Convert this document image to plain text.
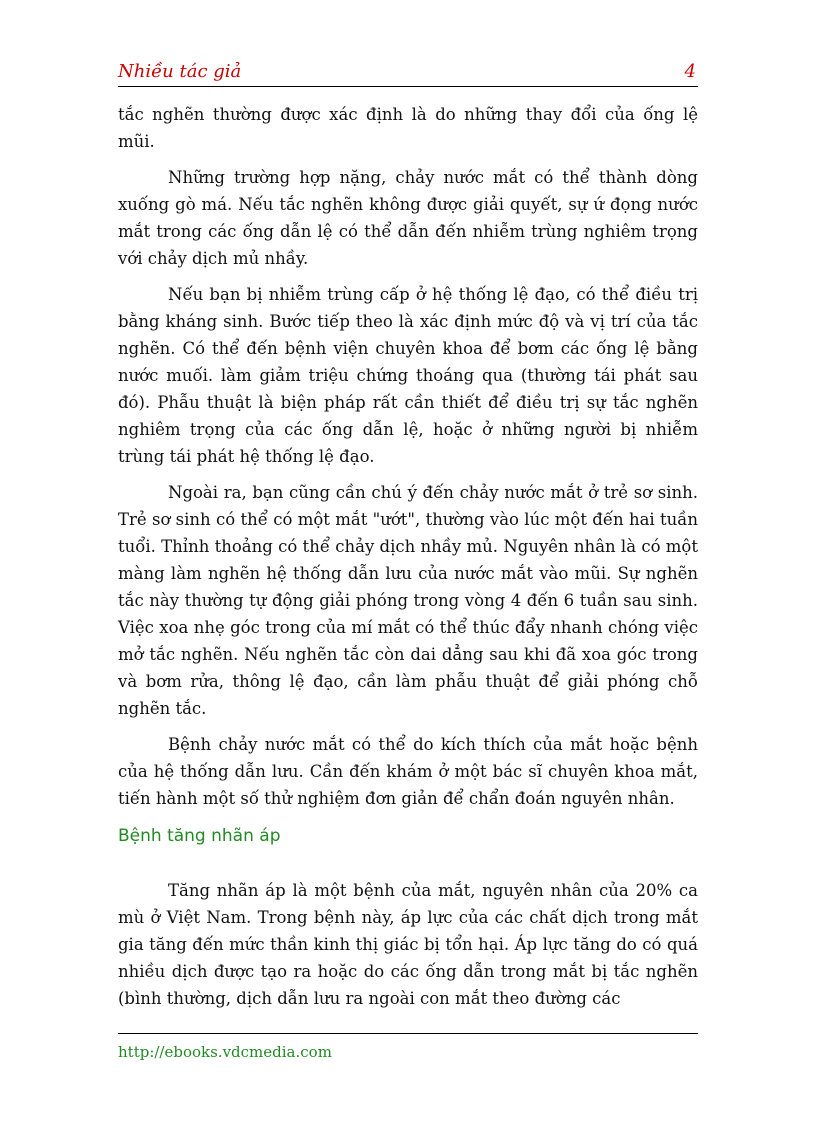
Nhiều tác giả	4

tắc nghẽn thường được xác định là do những thay đổi của ống lệ mũi.

Những trường hợp nặng, chảy nước mắt có thể thành dòng xuống gò má. Nếu tắc nghẽn không được giải quyết, sự ứ đọng nước mắt trong các ống dẫn lệ có thể dẫn đến nhiễm trùng nghiêm trọng với chảy dịch mủ nhầy.

Nếu bạn bị nhiễm trùng cấp ở hệ thống lệ đạo, có thể điều trị bằng kháng sinh. Bước tiếp theo là xác định mức độ và vị trí của tắc nghẽn. Có thể đến bệnh viện chuyên khoa để bơm các ống lệ bằng nước muối. làm giảm triệu chứng thoáng qua (thường tái phát sau đó). Phẫu thuật là biện pháp rất cần thiết để điều trị sự tắc nghẽn nghiêm trọng của các ống dẫn lệ, hoặc ở những người bị nhiễm trùng tái phát hệ thống lệ đạo.

Ngoài ra, bạn cũng cần chú ý đến chảy nước mắt ở trẻ sơ sinh. Trẻ sơ sinh có thể có một mắt "ướt", thường vào lúc một đến hai tuần tuổi. Thỉnh thoảng có thể chảy dịch nhầy mủ. Nguyên nhân là có một màng làm nghẽn hệ thống dẫn lưu của nước mắt vào mũi. Sự nghẽn tắc này thường tự động giải phóng trong vòng 4 đến 6 tuần sau sinh. Việc xoa nhẹ góc trong của mí mắt có thể thúc đẩy nhanh chóng việc mở tắc nghẽn. Nếu nghẽn tắc còn dai dẳng sau khi đã xoa góc trong và bơm rửa, thông lệ đạo, cần làm phẫu thuật để giải phóng chỗ nghẽn tắc.

Bệnh chảy nước mắt có thể do kích thích của mắt hoặc bệnh của hệ thống dẫn lưu. Cần đến khám ở một bác sĩ chuyên khoa mắt, tiến hành một số thử nghiệm đơn giản để chẩn đoán nguyên nhân.

Bệnh tăng nhãn áp

Tăng nhãn áp là một bệnh của mắt, nguyên nhân của 20% ca mù ở Việt Nam. Trong bệnh này, áp lực của các chất dịch trong mắt gia tăng đến mức thần kinh thị giác bị tổn hại. Áp lực tăng do có quá nhiều dịch được tạo ra hoặc do các ống dẫn trong mắt bị tắc nghẽn (bình thường, dịch dẫn lưu ra ngoài con mắt theo đường các

http://ebooks.vdcmedia.com
